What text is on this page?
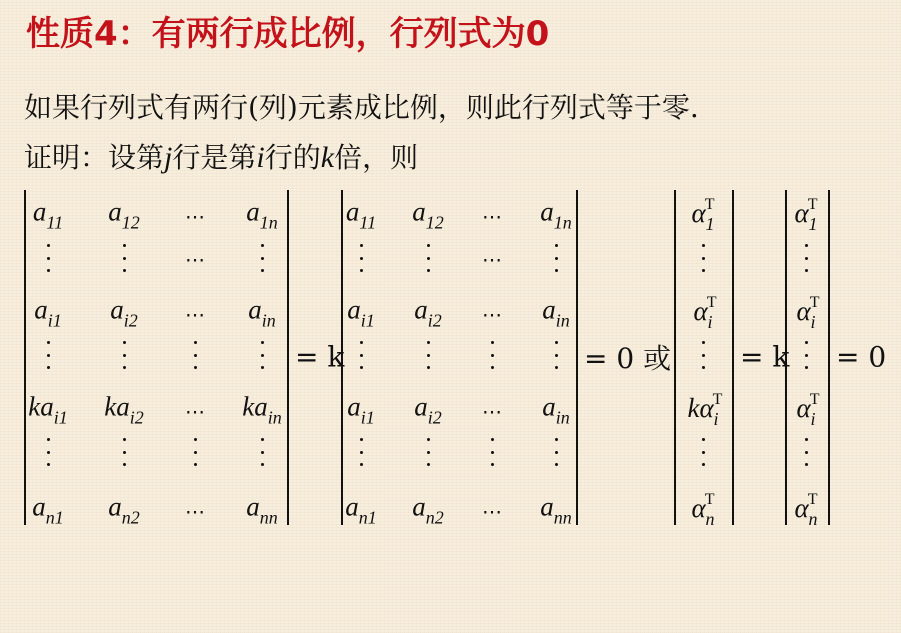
性质4：有两行成比例，行列式为0

如果行列式有两行(列)元素成比例，则此行列式等于零.

证明：设第j行是第i行的k倍，则

= k	= 0 或 = k = 0
$a_{11}$ $a_{12}$ ⋯ $a_{1n}$
⋯
$a_{i1}$ $a_{i2}$ ⋯ $a_{in}$
$ka_{i1}$ $ka_{i2}$ ⋯ $ka_{in}$
$a_{n1}$ $a_{n2}$ ⋯ $a_{nn}$
$a_{11}$ $a_{12}$ ⋯ $a_{1n}$
⋯
$a_{i1}$ $a_{i2}$ ⋯ $a_{in}$
$a_{i1}$ $a_{i2}$ ⋯ $a_{in}$
$a_{n1}$ $a_{n2}$ ⋯ $a_{nn}$
$\alpha^T_1$
$\alpha^T_i$
$k\alpha^T_i$
$\alpha^T_n$
$\alpha^T_1$
$\alpha^T_i$
$\alpha^T_i$
$\alpha^T_n$
